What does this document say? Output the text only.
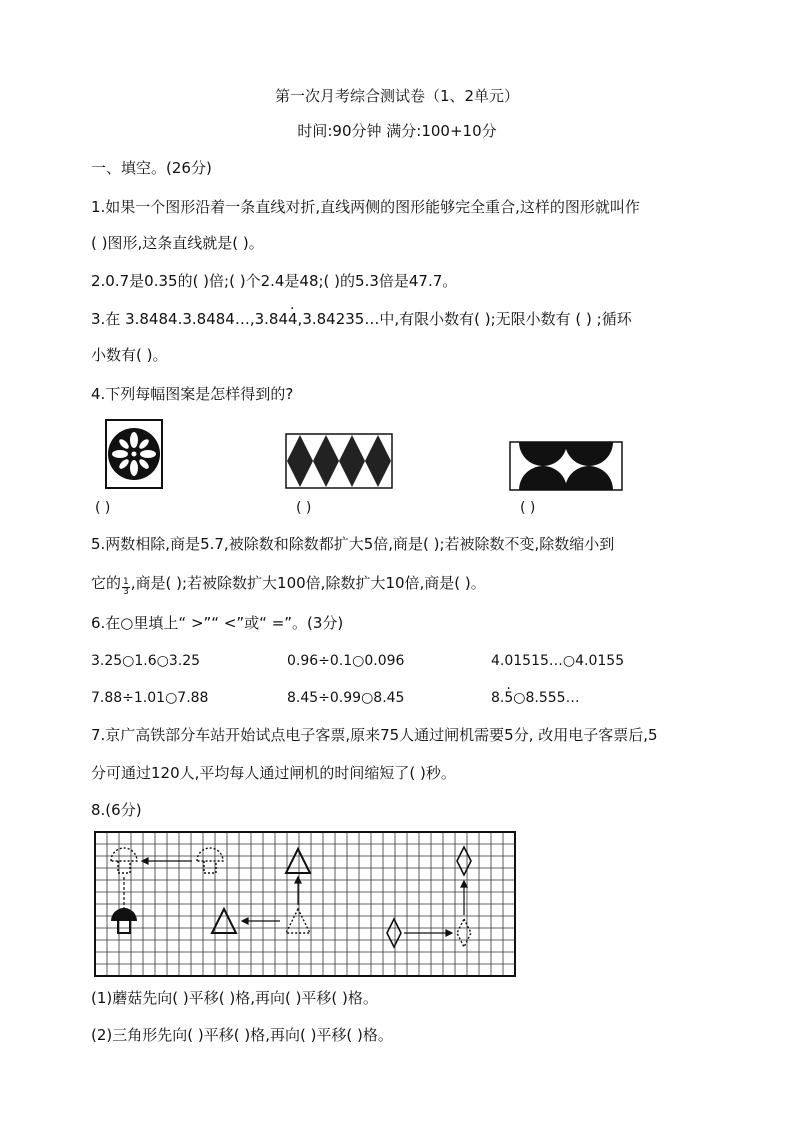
第一次月考综合测试卷（1、2单元）
时间:90分钟 满分:100+10分
一、填空。(26分)
1.如果一个图形沿着一条直线对折,直线两侧的图形能够完全重合,这样的图形就叫作
( )图形,这条直线就是( )。
2.0.7是0.35的( )倍;( )个2.4是48;( )的5.3倍是47.7。
3.在 3.8484.3.8484…,3.84· 4,3.84235…中,有限小数有( );无限小数有 ( ) ;循环
小数有( )。
4.下列每幅图案是怎样得到的?
( )	( )	( )
5.两数相除,商是5.7,被除数和除数都扩大5倍,商是( );若被除数不变,除数缩小到
它的 $\frac{1}{3}$ ,商是( );若被除数扩大100倍,除数扩大10倍,商是( )。
6.在○里填上“ >”“ <”或“ =”。(3分)
3.25○1.6○3.25	0.96÷0.1○0.096	4.01515…○4.0155
7.88÷1.01○7.88	8.45÷0.99○8.45	8.· 5○8.555…
7.京广高铁部分车站开始试点电子客票,原来75人通过闸机需要5分, 改用电子客票后,5
分可通过120人,平均每人通过闸机的时间缩短了( )秒。
8.(6分)
(1)蘑菇先向( )平移( )格,再向( )平移( )格。
(2)三角形先向( )平移( )格,再向( )平移( )格。
